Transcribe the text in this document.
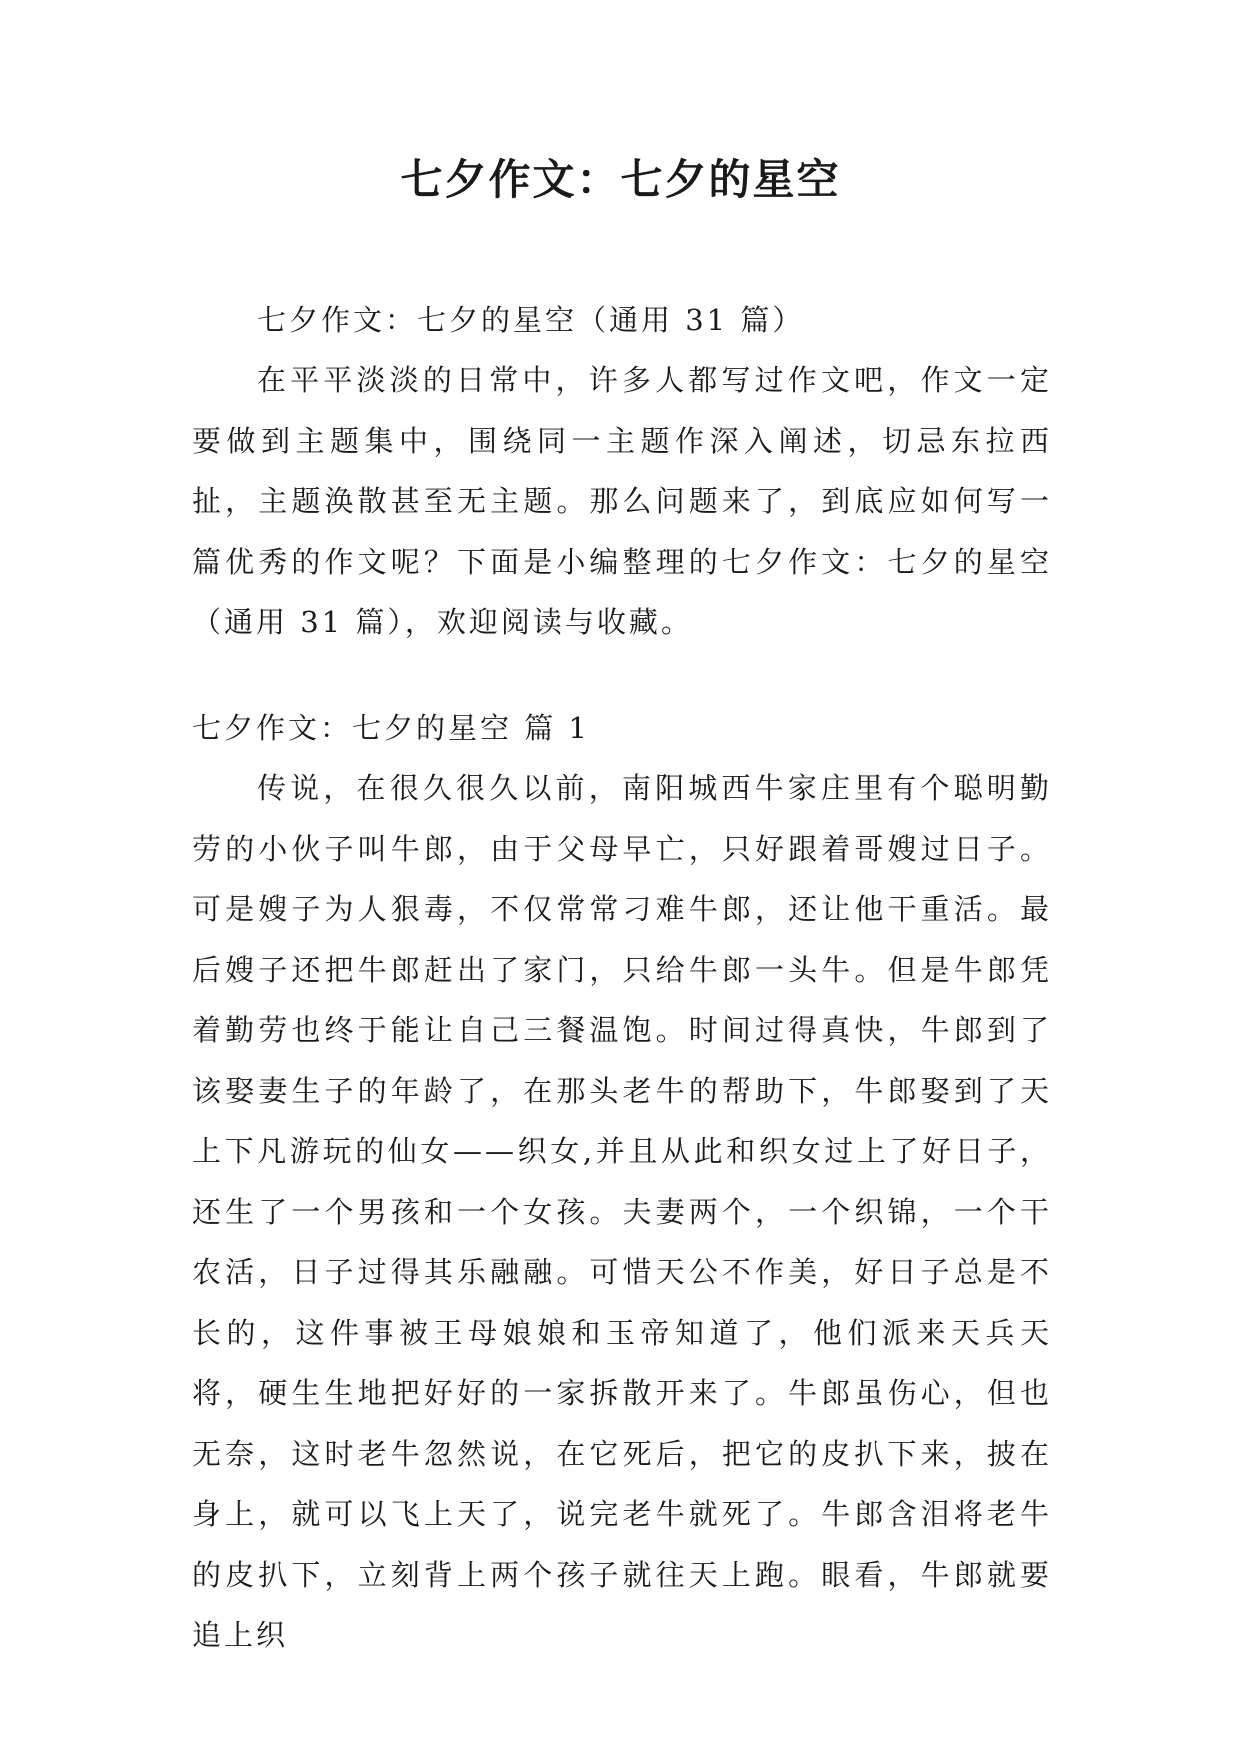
七夕作文：七夕的星空

七夕作文：七夕的星空（通用 31 篇）

在平平淡淡的日常中，许多人都写过作文吧，作文一定要做到主题集中，围绕同一主题作深入阐述，切忌东拉西扯，主题涣散甚至无主题。那么问题来了，到底应如何写一篇优秀的作文呢？下面是小编整理的七夕作文：七夕的星空（通用 31 篇），欢迎阅读与收藏。

七夕作文：七夕的星空 篇 1

传说，在很久很久以前，南阳城西牛家庄里有个聪明勤劳的小伙子叫牛郎，由于父母早亡，只好跟着哥嫂过日子。可是嫂子为人狠毒，不仅常常刁难牛郎，还让他干重活。最后嫂子还把牛郎赶出了家门，只给牛郎一头牛。但是牛郎凭着勤劳也终于能让自己三餐温饱。时间过得真快，牛郎到了该娶妻生子的年龄了，在那头老牛的帮助下，牛郎娶到了天上下凡游玩的仙女——织女,并且从此和织女过上了好日子，还生了一个男孩和一个女孩。夫妻两个，一个织锦，一个干农活，日子过得其乐融融。可惜天公不作美，好日子总是不长的，这件事被王母娘娘和玉帝知道了，他们派来天兵天将，硬生生地把好好的一家拆散开来了。牛郎虽伤心，但也无奈，这时老牛忽然说，在它死后，把它的皮扒下来，披在身上，就可以飞上天了，说完老牛就死了。牛郎含泪将老牛的皮扒下，立刻背上两个孩子就往天上跑。眼看，牛郎就要追上织
